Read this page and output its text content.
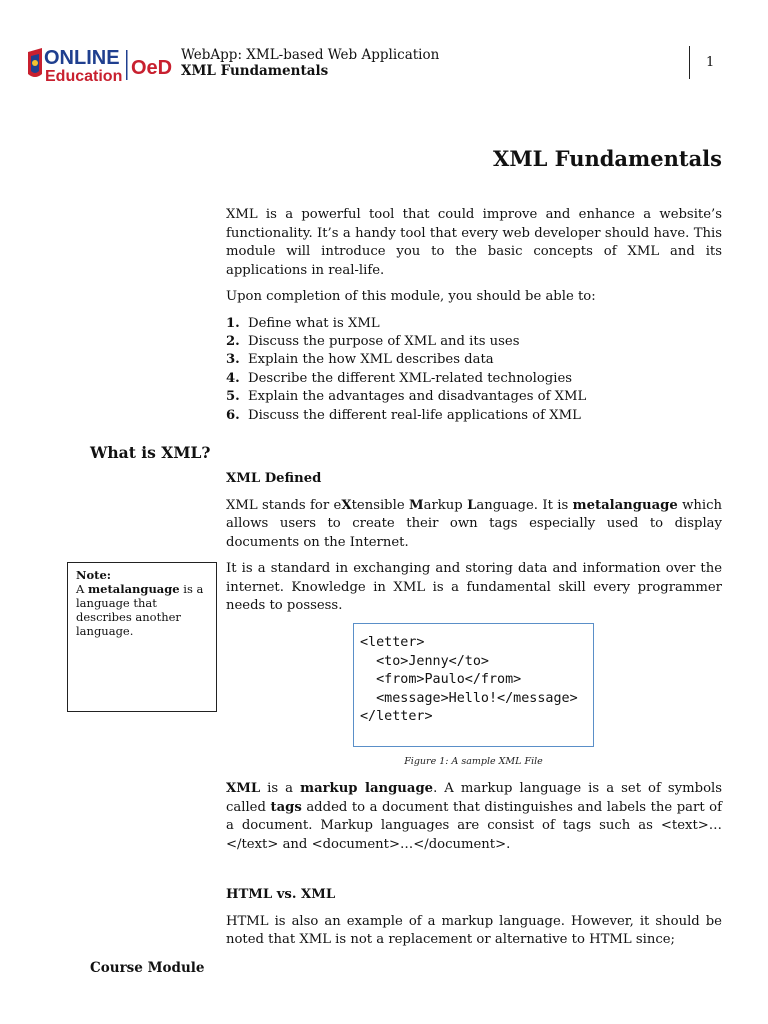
ONLINE
Education OeD
WebApp: XML-based Web Application
XML Fundamentals
1
XML Fundamentals

XML is a powerful tool that could improve and enhance a website’s functionality. It’s a handy tool that every web developer should have. This module will introduce you to the basic concepts of XML and its applications in real-life.

Upon completion of this module, you should be able to:

1. Define what is XML
2. Discuss the purpose of XML and its uses
3. Explain the how XML describes data
4. Describe the different XML-related technologies
5. Explain the advantages and disadvantages of XML
6. Discuss the different real-life applications of XML
What is XML?

XML Defined

XML stands for eXtensible Markup Language. It is metalanguage which allows users to create their own tags especially used to display documents on the Internet.

It is a standard in exchanging and storing data and information over the internet. Knowledge in XML is a fundamental skill every programmer needs to possess.

Note:
A metalanguage is a language that describes another language.
<letter>
<to>Jenny</to>
<from>Paulo</from>
<message>Hello!</message>
</letter>
Figure 1: A sample XML File

XML is a markup language. A markup language is a set of symbols called tags added to a document that distinguishes and labels the part of a document. Markup languages are consist of tags such as <text>…</text> and <document>…</document>.

HTML vs. XML

HTML is also an example of a markup language. However, it should be noted that XML is not a replacement or alternative to HTML since;

Course Module
